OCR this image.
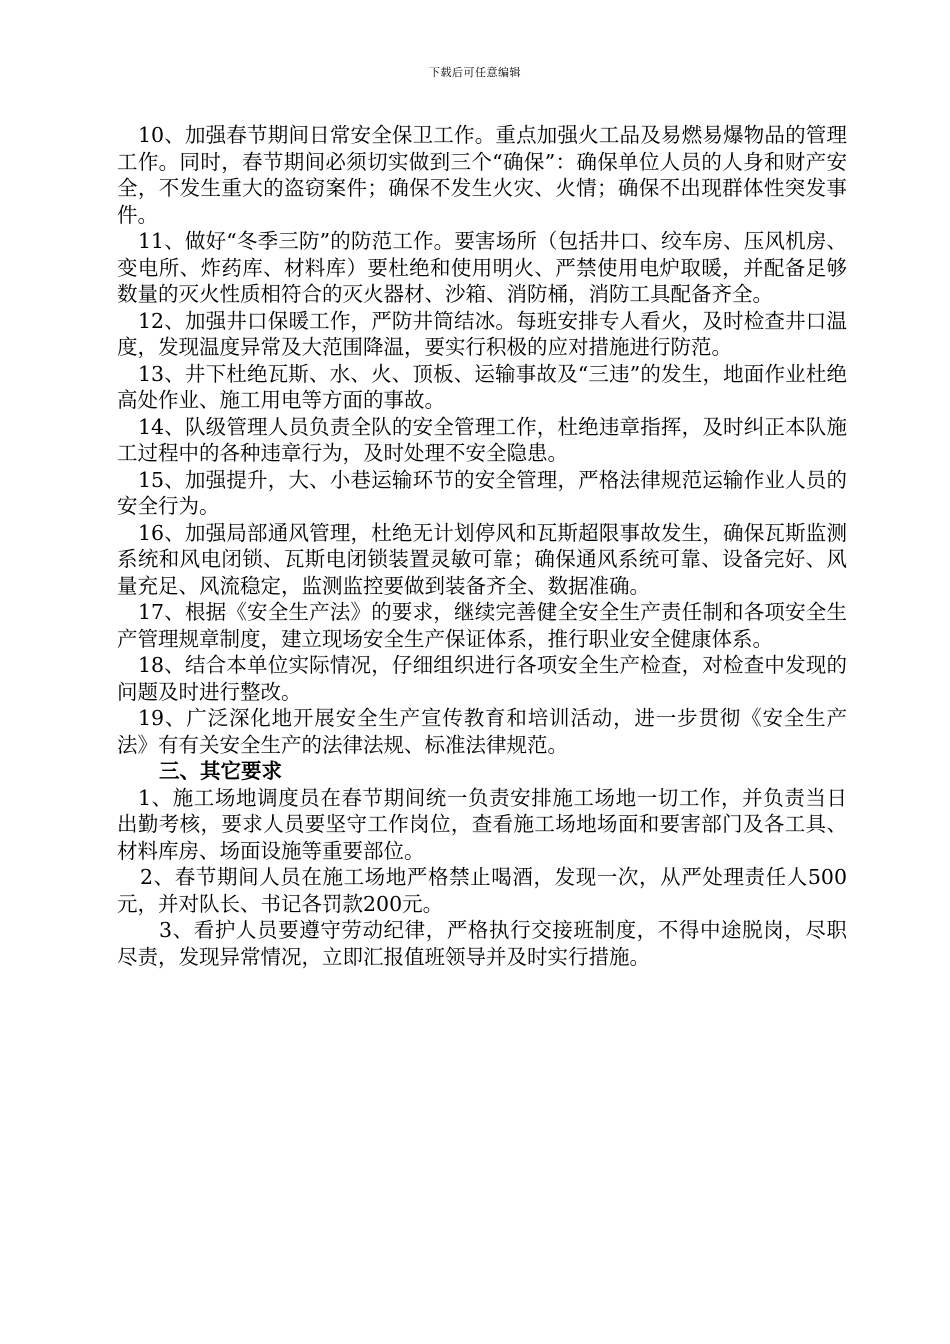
下载后可任意编辑

10、加强春节期间日常安全保卫工作。重点加强火工品及易燃易爆物品的管理工作。同时，春节期间必须切实做到三个“确保”：确保单位人员的人身和财产安全，不发生重大的盗窃案件；确保不发生火灾、火情；确保不出现群体性突发事件。

11、做好“冬季三防”的防范工作。要害场所（包括井口、绞车房、压风机房、变电所、炸药库、材料库）要杜绝和使用明火、严禁使用电炉取暖，并配备足够数量的灭火性质相符合的灭火器材、沙箱、消防桶，消防工具配备齐全。

12、加强井口保暖工作，严防井筒结冰。每班安排专人看火，及时检查井口温度，发现温度异常及大范围降温，要实行积极的应对措施进行防范。

13、井下杜绝瓦斯、水、火、顶板、运输事故及“三违”的发生，地面作业杜绝高处作业、施工用电等方面的事故。

14、队级管理人员负责全队的安全管理工作，杜绝违章指挥，及时纠正本队施工过程中的各种违章行为，及时处理不安全隐患。

15、加强提升，大、小巷运输环节的安全管理，严格法律规范运输作业人员的安全行为。

16、加强局部通风管理，杜绝无计划停风和瓦斯超限事故发生，确保瓦斯监测系统和风电闭锁、瓦斯电闭锁装置灵敏可靠；确保通风系统可靠、设备完好、风量充足、风流稳定，监测监控要做到装备齐全、数据准确。

17、根据《安全生产法》的要求，继续完善健全安全生产责任制和各项安全生产管理规章制度，建立现场安全生产保证体系，推行职业安全健康体系。

18、结合本单位实际情况，仔细组织进行各项安全生产检查，对检查中发现的问题及时进行整改。

19、广泛深化地开展安全生产宣传教育和培训活动，进一步贯彻《安全生产法》有有关安全生产的法律法规、标准法律规范。

三、其它要求

1、施工场地调度员在春节期间统一负责安排施工场地一切工作，并负责当日出勤考核，要求人员要坚守工作岗位，查看施工场地场面和要害部门及各工具、材料库房、场面设施等重要部位。

2、春节期间人员在施工场地严格禁止喝酒，发现一次，从严处理责任人500元，并对队长、书记各罚款200元。

3、看护人员要遵守劳动纪律，严格执行交接班制度，不得中途脱岗，尽职尽责，发现异常情况，立即汇报值班领导并及时实行措施。
